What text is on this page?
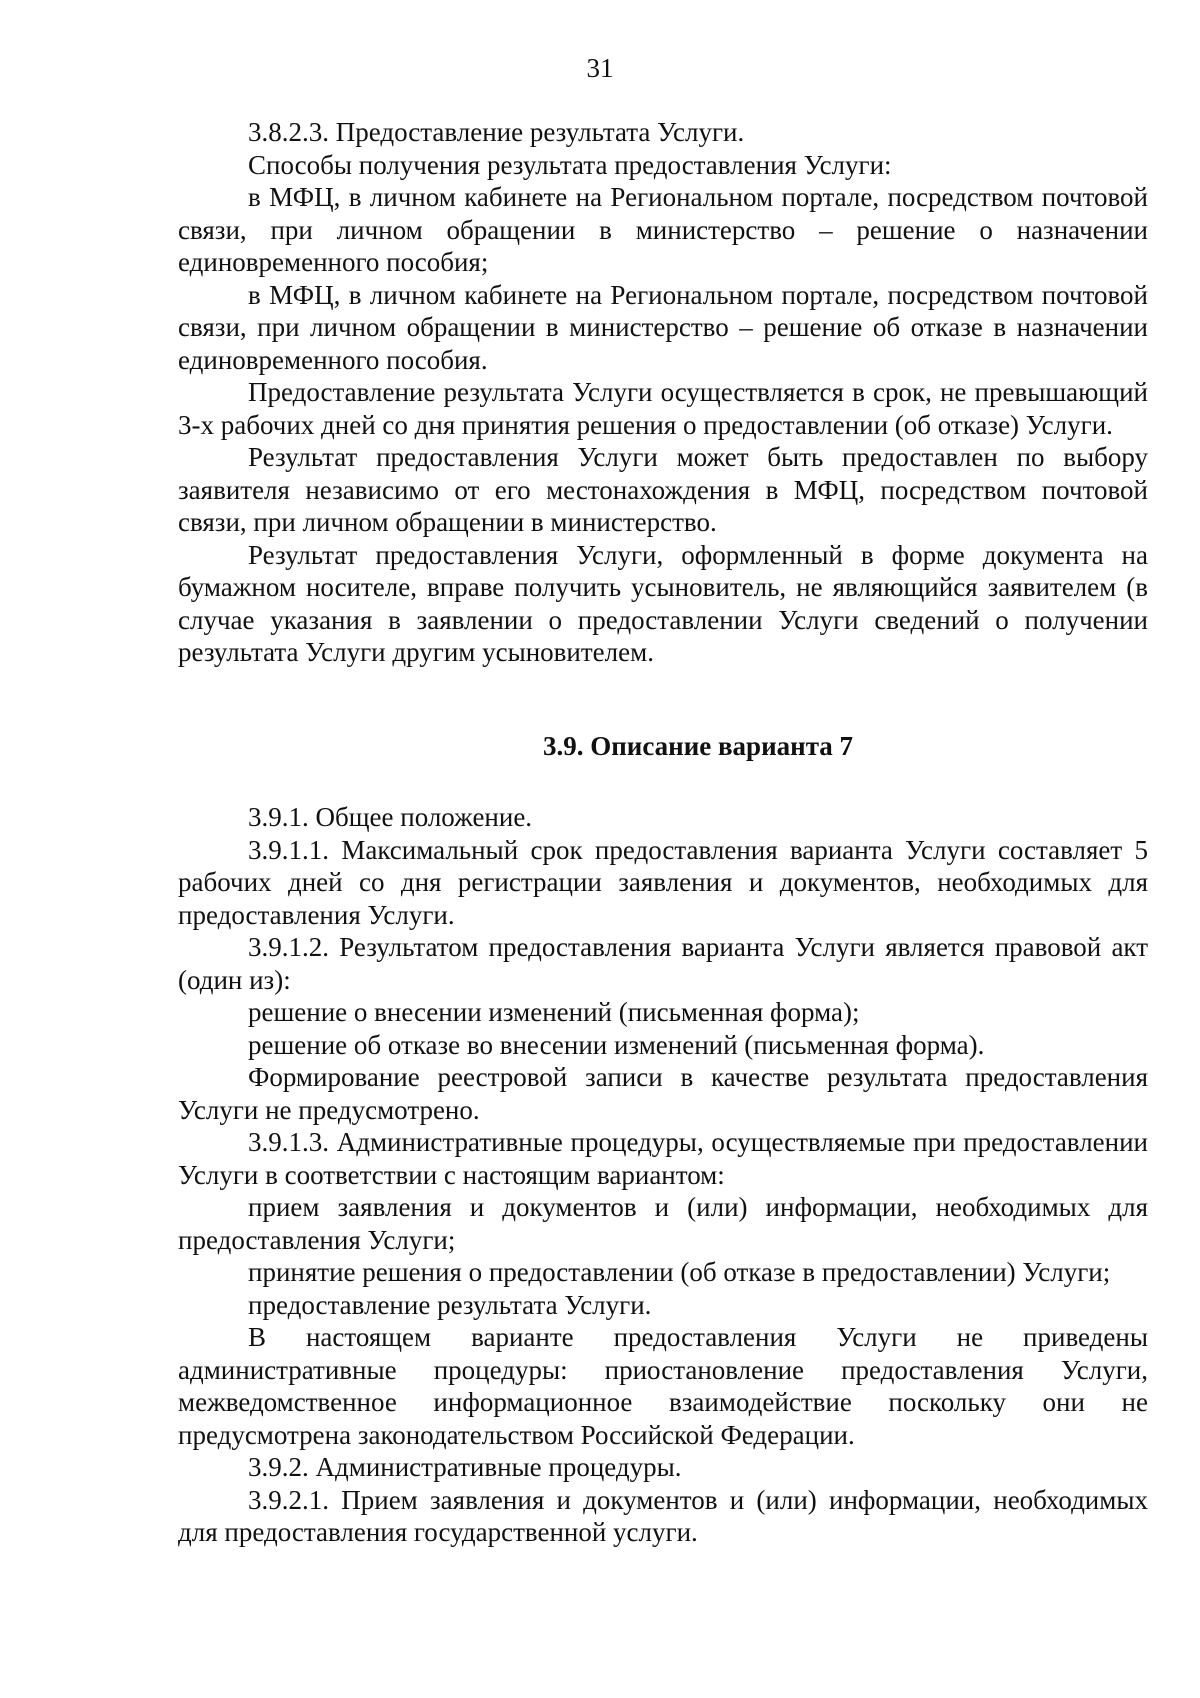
31

3.8.2.3. Предоставление результата Услуги.

Способы получения результата предоставления Услуги:

в МФЦ, в личном кабинете на Региональном портале, посредством почтовой связи, при личном обращении в министерство – решение о назначении единовременного пособия;

в МФЦ, в личном кабинете на Региональном портале, посредством почтовой связи, при личном обращении в министерство – решение об отказе в назначении единовременного пособия.

Предоставление результата Услуги осуществляется в срок, не превышающий 3-х рабочих дней со дня принятия решения о предоставлении (об отказе) Услуги.

Результат предоставления Услуги может быть предоставлен по выбору заявителя независимо от его местонахождения в МФЦ, посредством почтовой связи, при личном обращении в министерство.

Результат предоставления Услуги, оформленный в форме документа на бумажном носителе, вправе получить усыновитель, не являющийся заявителем (в случае указания в заявлении о предоставлении Услуги сведений о получении результата Услуги другим усыновителем.

3.9. Описание варианта 7

3.9.1. Общее положение.

3.9.1.1. Максимальный срок предоставления варианта Услуги составляет 5 рабочих дней со дня регистрации заявления и документов, необходимых для предоставления Услуги.

3.9.1.2. Результатом предоставления варианта Услуги является правовой акт (один из):

решение о внесении изменений (письменная форма);

решение об отказе во внесении изменений (письменная форма).

Формирование реестровой записи в качестве результата предоставления Услуги не предусмотрено.

3.9.1.3. Административные процедуры, осуществляемые при предоставлении Услуги в соответствии с настоящим вариантом:

прием заявления и документов и (или) информации, необходимых для предоставления Услуги;

принятие решения о предоставлении (об отказе в предоставлении) Услуги;

предоставление результата Услуги.

В настоящем варианте предоставления Услуги не приведены административные процедуры: приостановление предоставления Услуги, межведомственное информационное взаимодействие поскольку они не предусмотрена законодательством Российской Федерации.

3.9.2. Административные процедуры.

3.9.2.1. Прием заявления и документов и (или) информации, необходимых для предоставления государственной услуги.
